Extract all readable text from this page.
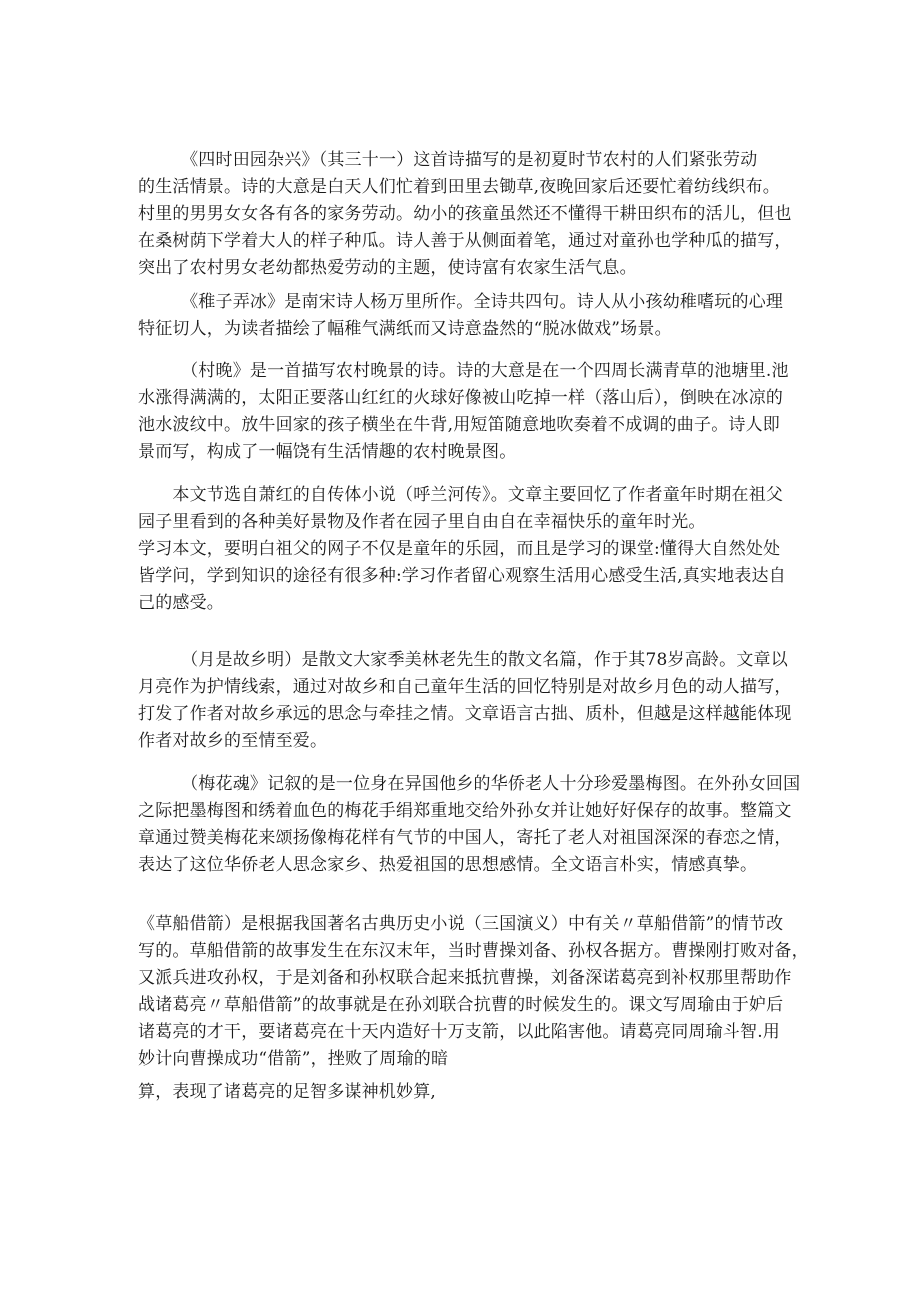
　　　《四时田园杂兴》（其三十一）这首诗描写的是初夏时节农村的人们紧张劳动
的生活情景。诗的大意是白天人们忙着到田里去锄草,夜晚回家后还要忙着纺线织布。
村里的男男女女各有各的家务劳动。幼小的孩童虽然还不懂得干耕田织布的活儿，但也
在桑树荫下学着大人的样子种瓜。诗人善于从侧面着笔，通过对童孙也学种瓜的描写，
突出了农村男女老幼都热爱劳动的主题，使诗富有农家生活气息。

　　　《稚子弄冰》是南宋诗人杨万里所作。全诗共四句。诗人从小孩幼稚嗜玩的心理
特征切人，为读者描绘了幅稚气满纸而又诗意盎然的“脱冰做戏”场景。

　　　（村晚》是一首描写农村晚景的诗。诗的大意是在一个四周长满青草的池塘里.池
水涨得满满的，太阳正要落山红红的火球好像被山吃掉一样（落山后），倒映在冰凉的
池水波纹中。放牛回家的孩子横坐在牛背,用短笛随意地吹奏着不成调的曲子。诗人即
景而写，构成了一幅饶有生活情趣的农村晚景图。

　　本文节选自萧红的自传体小说（呼兰河传》。文章主要回忆了作者童年时期在祖父
园子里看到的各种美好景物及作者在园子里自由自在幸福快乐的童年时光。
学习本文，要明白祖父的网子不仅是童年的乐园，而且是学习的课堂:懂得大自然处处
皆学问，学到知识的途径有很多种:学习作者留心观察生活用心感受生活,真实地表达自
己的感受。

　　　（月是故乡明）是散文大家季美林老先生的散文名篇，作于其78岁高龄。文章以
月亮作为护情线索，通过对故乡和自己童年生活的回忆特别是对故乡月色的动人描写，
打发了作者对故乡承远的思念与牵挂之情。文章语言古拙、质朴，但越是这样越能体现
作者对故乡的至情至爱。

　　　（梅花魂》记叙的是一位身在异国他乡的华侨老人十分珍爱墨梅图。在外孙女回国
之际把墨梅图和绣着血色的梅花手绢郑重地交给外孙女并让她好好保存的故事。整篇文
章通过赞美梅花来颂扬像梅花样有气节的中国人，寄托了老人对祖国深深的春恋之情，
表达了这位华侨老人思念家乡、热爱祖国的思想感情。全文语言朴实，情感真挚。

《草船借箭）是根据我国著名古典历史小说（三国演义）中有关〃草船借箭”的情节改
写的。草船借箭的故事发生在东汉末年，当时曹操刘备、孙权各据方。曹操刚打败对备，
又派兵进攻孙权，于是刘备和孙权联合起来抵抗曹操，刘备深诺葛亮到补权那里帮助作
战诸葛亮〃草船借箭”的故事就是在孙刘联合抗曹的时候发生的。课文写周瑜由于妒后
诸葛亮的才干，要诸葛亮在十天内造好十万支箭，以此陷害他。请葛亮同周瑜斗智.用
妙计向曹操成功“借箭”，挫败了周瑜的暗

算，表现了诸葛亮的足智多谋神机妙算,
